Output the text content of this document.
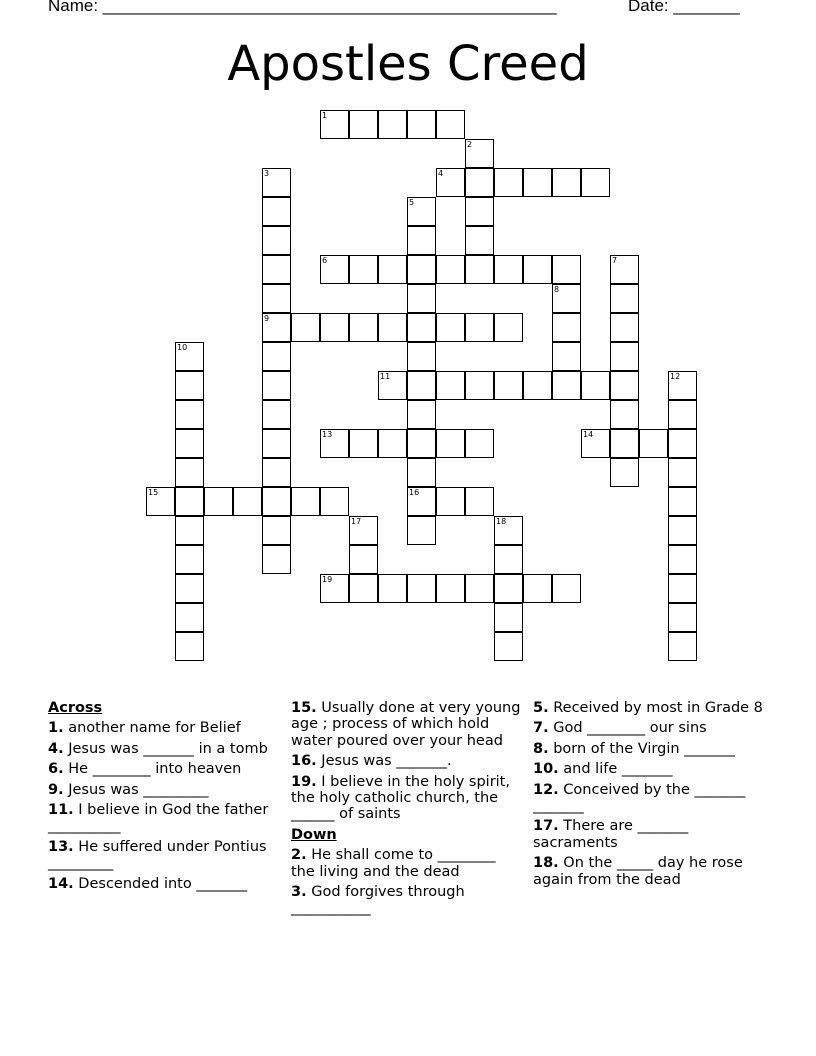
Name: ________________________________________________	Date: _______
Apostles Creed
1
2
3
9
4
5
16
6	7
8
10
11	12
13	14
15
17	18
19
Across
1. another name for Belief
4. Jesus was _______ in a tomb
6. He ________ into heaven
9. Jesus was _________
11. I believe in God the father __________
13. He suffered under Pontius _________
14. Descended into _______
15. Usually done at very young age ; process of which hold water poured over your head
16. Jesus was _______.
19. I believe in the holy spirit, the holy catholic church, the ______ of saints
Down
2. He shall come to ________ the living and the dead
3. God forgives through ___________
5. Received by most in Grade 8
7. God ________ our sins
8. born of the Virgin _______
10. and life _______
12. Conceived by the _______ _______
17. There are _______ sacraments
18. On the _____ day he rose again from the dead
